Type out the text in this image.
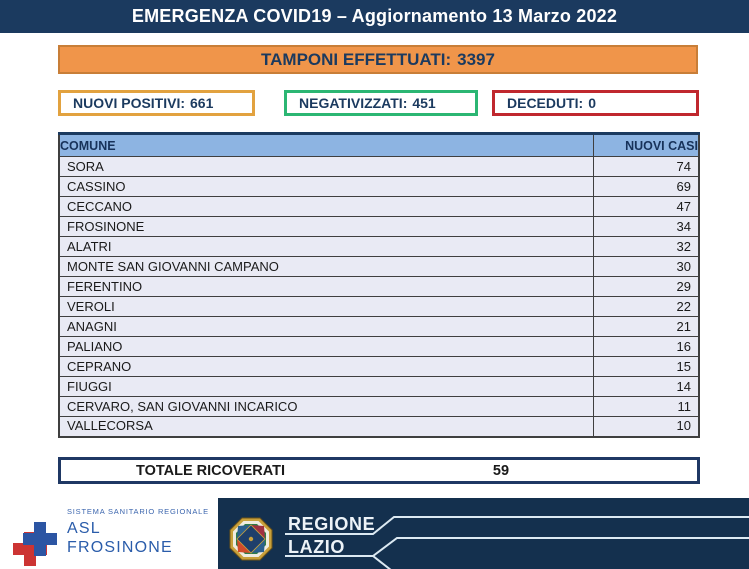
EMERGENZA COVID19 – Aggiornamento 13 Marzo 2022
TAMPONI EFFETTUATI: 3397
NUOVI POSITIVI: 661	NEGATIVIZZATI: 451	DECEDUTI: 0
COMUNE	NUOVI CASI
SORA	74
CASSINO	69
CECCANO	47
FROSINONE	34
ALATRI	32
MONTE SAN GIOVANNI CAMPANO	30
FERENTINO	29
VEROLI	22
ANAGNI	21
PALIANO	16
CEPRANO	15
FIUGGI	14
CERVARO, SAN GIOVANNI INCARICO	11
VALLECORSA	10
TOTALE RICOVERATI	59
SISTEMA SANITARIO REGIONALE
ASL
FROSINONE
REGIONE
LAZIO
